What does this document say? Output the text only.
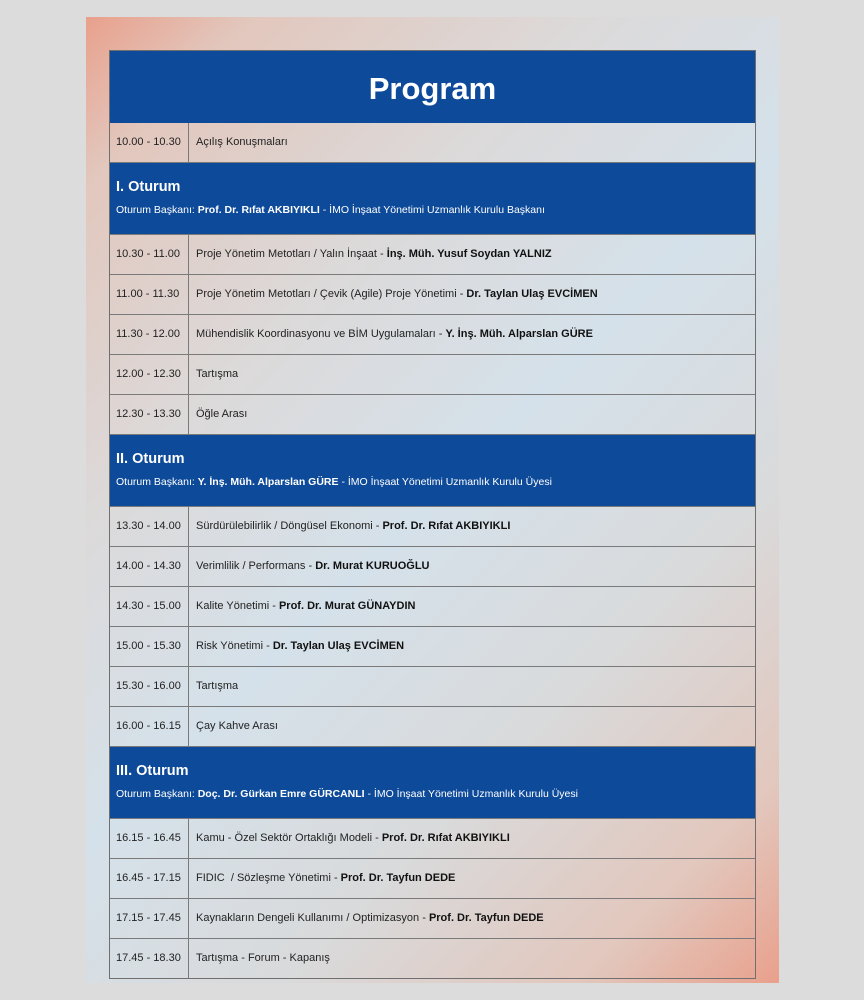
Program
10.00 - 10.30	Açılış Konuşmaları
I. Oturum
Oturum Başkanı: Prof. Dr. Rıfat AKBIYIKLI - İMO İnşaat Yönetimi Uzmanlık Kurulu Başkanı
10.30 - 11.00	Proje Yönetim Metotları / Yalın İnşaat - İnş. Müh. Yusuf Soydan YALNIZ
11.00 - 11.30	Proje Yönetim Metotları / Çevik (Agile) Proje Yönetimi - Dr. Taylan Ulaş EVCİMEN
11.30 - 12.00	Mühendislik Koordinasyonu ve BİM Uygulamaları - Y. İnş. Müh. Alparslan GÜRE
12.00 - 12.30	Tartışma
12.30 - 13.30	Öğle Arası
II. Oturum
Oturum Başkanı: Y. İnş. Müh. Alparslan GÜRE - İMO İnşaat Yönetimi Uzmanlık Kurulu Üyesi
13.30 - 14.00	Sürdürülebilirlik / Döngüsel Ekonomi - Prof. Dr. Rıfat AKBIYIKLI
14.00 - 14.30	Verimlilik / Performans - Dr. Murat KURUOĞLU
14.30 - 15.00	Kalite Yönetimi - Prof. Dr. Murat GÜNAYDIN
15.00 - 15.30	Risk Yönetimi - Dr. Taylan Ulaş EVCİMEN
15.30 - 16.00	Tartışma
16.00 - 16.15	Çay Kahve Arası
III. Oturum
Oturum Başkanı: Doç. Dr. Gürkan Emre GÜRCANLI - İMO İnşaat Yönetimi Uzmanlık Kurulu Üyesi
16.15 - 16.45	Kamu - Özel Sektör Ortaklığı Modeli - Prof. Dr. Rıfat AKBIYIKLI
16.45 - 17.15	FIDIC  / Sözleşme Yönetimi - Prof. Dr. Tayfun DEDE
17.15 - 17.45	Kaynakların Dengeli Kullanımı / Optimizasyon - Prof. Dr. Tayfun DEDE
17.45 - 18.30	Tartışma - Forum - Kapanış
